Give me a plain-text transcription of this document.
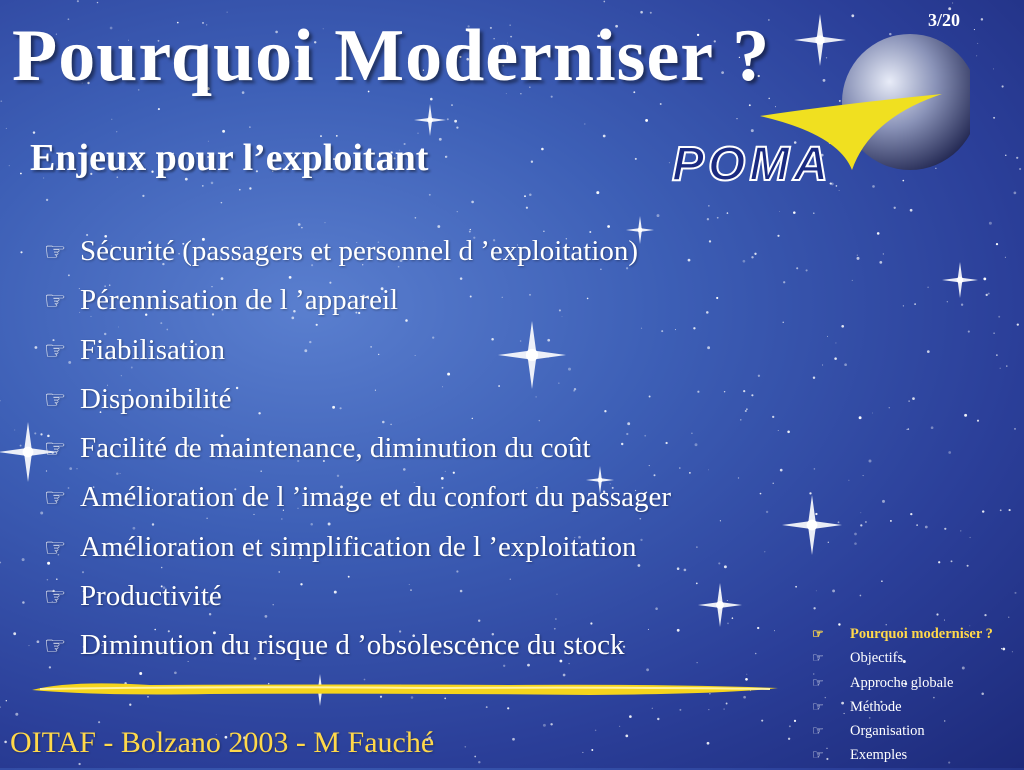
Pourquoi Moderniser ?	3/20
POMA
Enjeux pour l’exploitant
☞ Sécurité (passagers et personnel d ’exploitation)
☞ Pérennisation de l ’appareil
☞ Fiabilisation
☞ Disponibilité
☞ Facilité de maintenance, diminution du coût
☞ Amélioration de l ’image et du confort du passager
☞ Amélioration et simplification de l ’exploitation
☞ Productivité
☞ Diminution du risque d ’obsolescence du stock
OITAF - Bolzano 2003 - M Fauché
☞ Pourquoi moderniser ?
☞ Objectifs
☞ Approche globale
☞ Méthode
☞ Organisation
☞ Exemples
